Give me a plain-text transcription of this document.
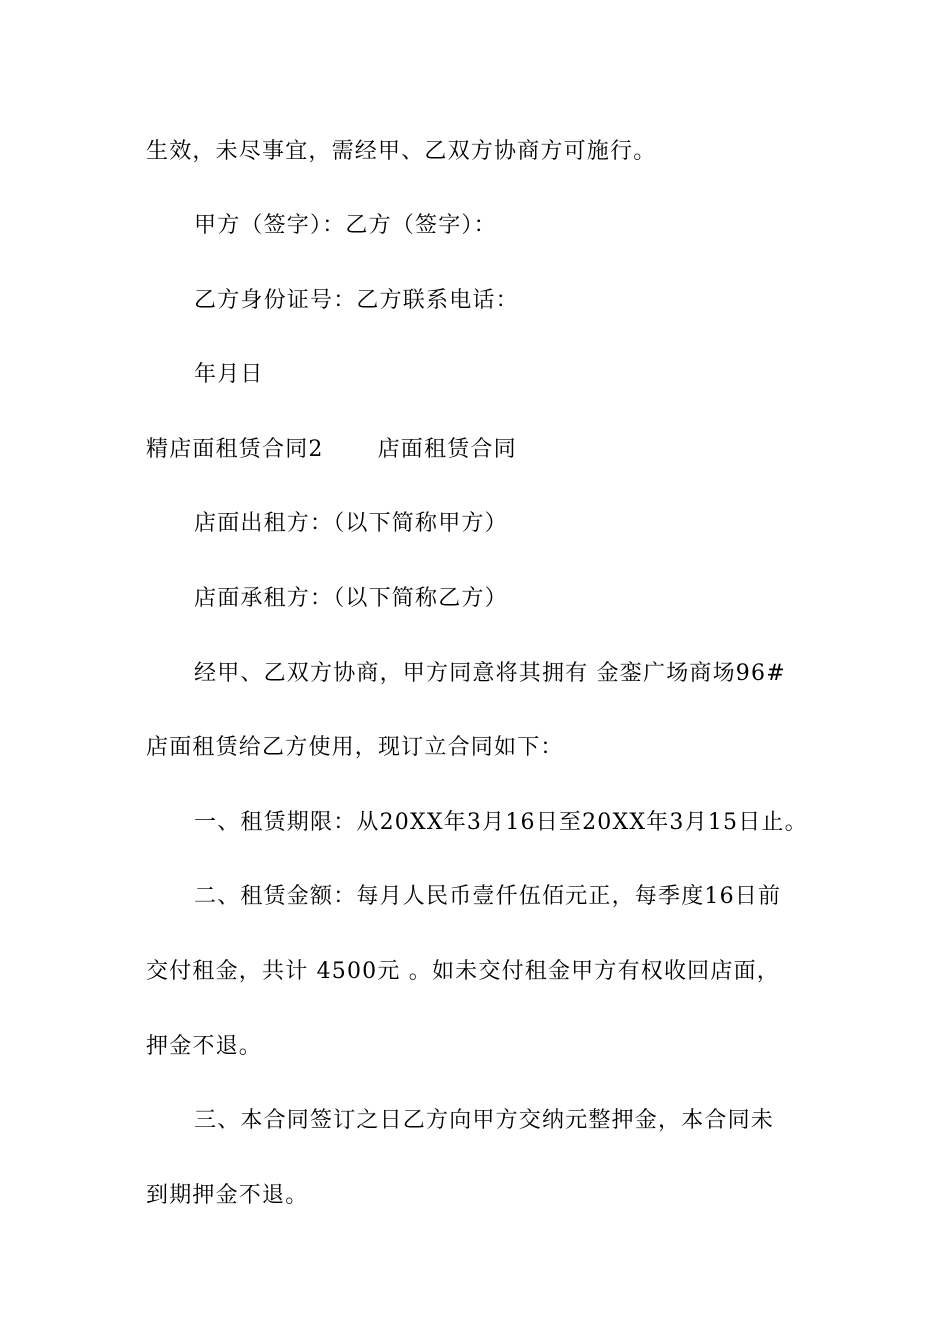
生效，未尽事宜，需经甲、乙双方协商方可施行。
甲方（签字）：乙方（签字）：
乙方身份证号：乙方联系电话：
年月日
精店面租赁合同2 店面租赁合同
店面出租方：（以下简称甲方）
店面承租方：（以下简称乙方）
经甲、乙双方协商，甲方同意将其拥有 金銮广场商场96#
店面租赁给乙方使用，现订立合同如下：
一、租赁期限：从20XX年3月16日至20XX年3月15日止。
二、租赁金额：每月人民币壹仟伍佰元正，每季度16日前
交付租金，共计 4500元 。如未交付租金甲方有权收回店面，
押金不退。
三、本合同签订之日乙方向甲方交纳元整押金，本合同未
到期押金不退。
